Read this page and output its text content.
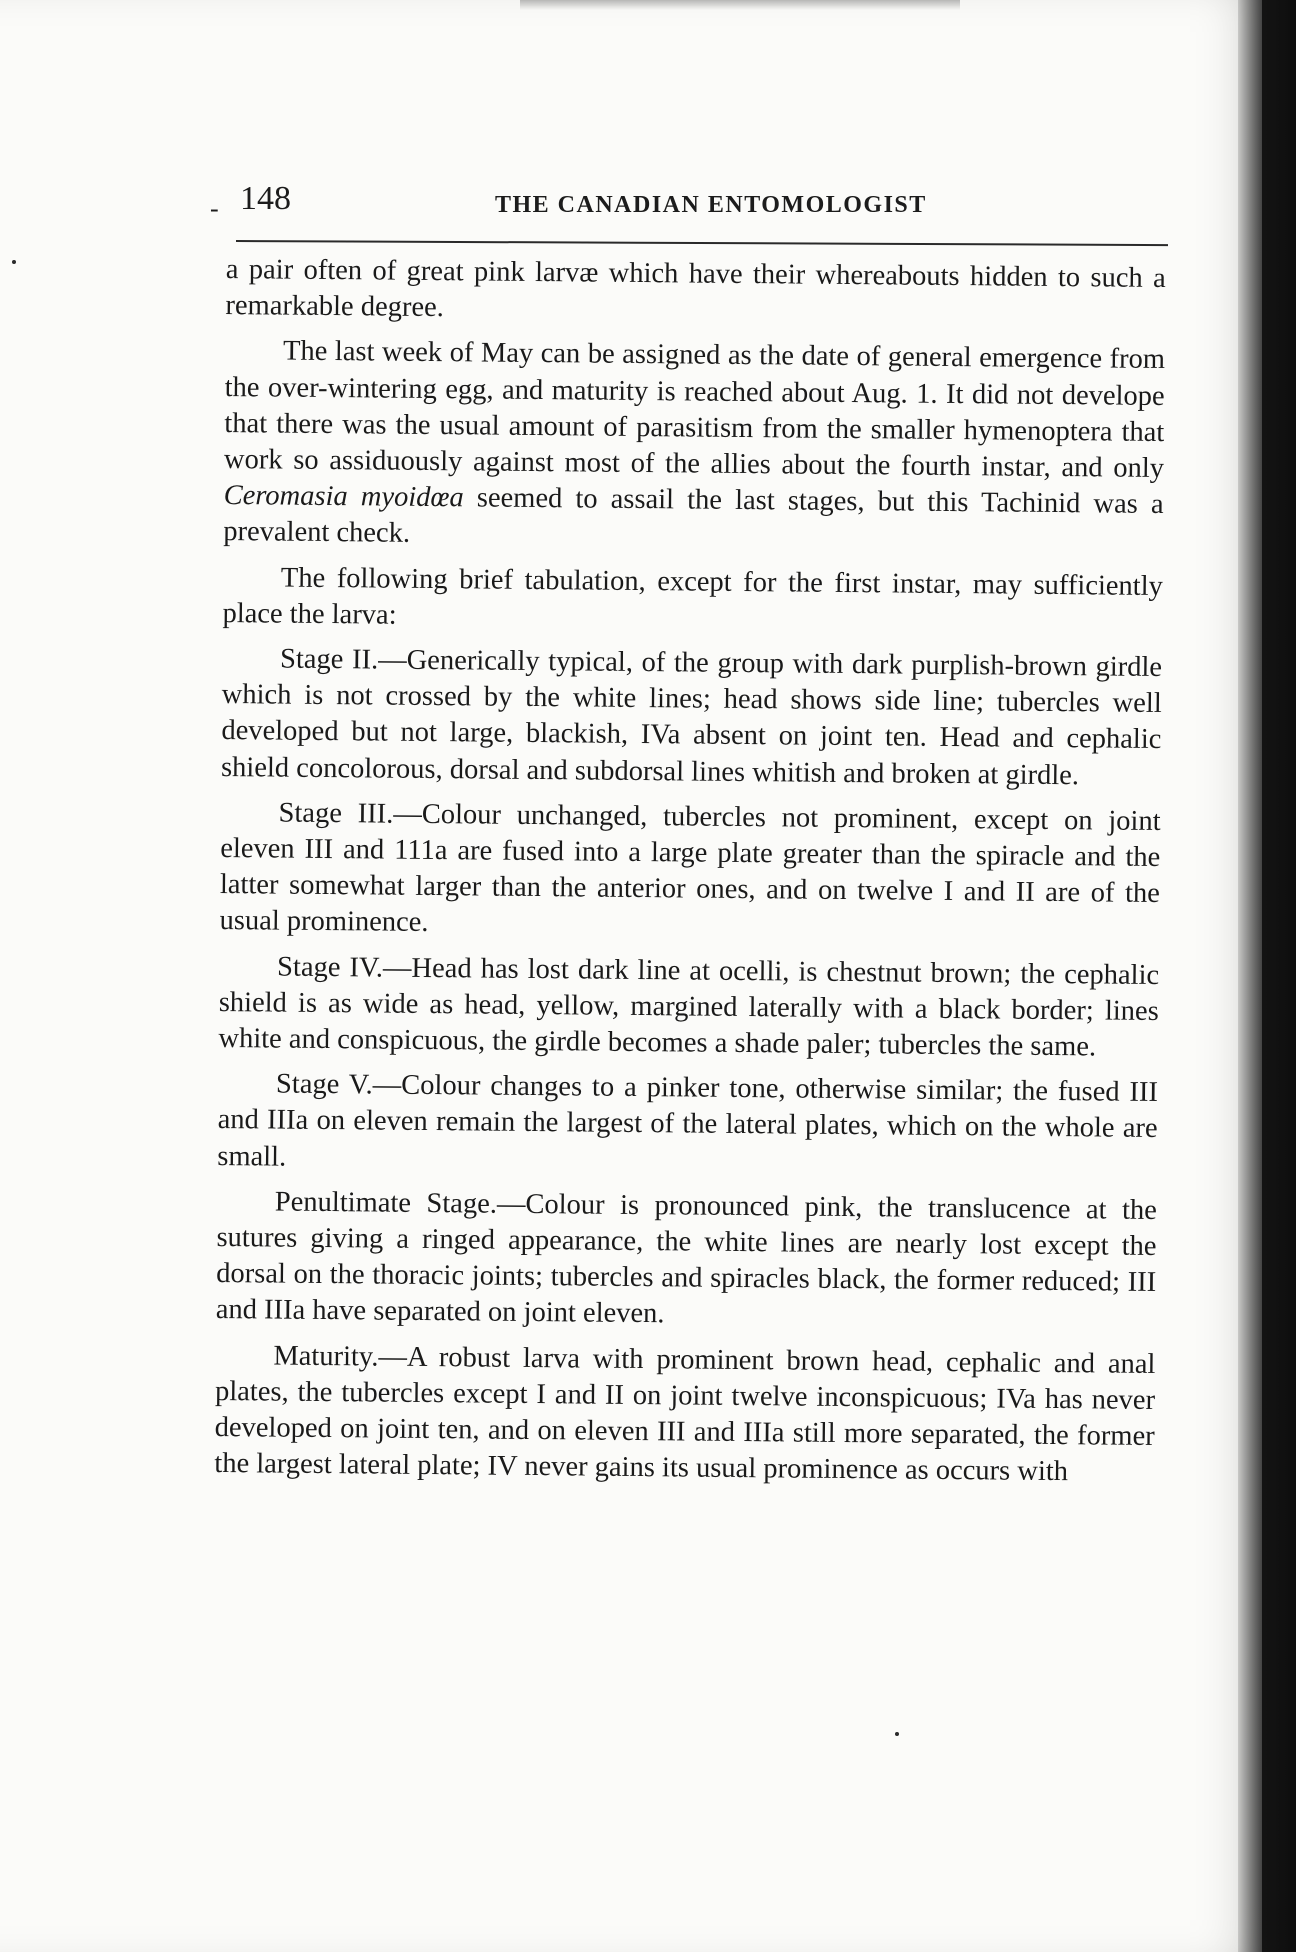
- 148	THE CANADIAN ENTOMOLOGIST

a pair often of great pink larvæ which have their whereabouts hidden to such a remarkable degree.

The last week of May can be assigned as the date of general emergence from the over-wintering egg, and maturity is reached about Aug. 1. It did not develope that there was the usual amount of parasitism from the smaller hymenoptera that work so assiduously against most of the allies about the fourth instar, and only Ceromasia myoidœa seemed to assail the last stages, but this Tachinid was a prevalent check.

The following brief tabulation, except for the first instar, may sufficiently place the larva:

Stage II.—Generically typical, of the group with dark purplish-brown girdle which is not crossed by the white lines; head shows side line; tubercles well developed but not large, blackish, IVa absent on joint ten. Head and cephalic shield concolorous, dorsal and subdorsal lines whitish and broken at girdle.

Stage III.—Colour unchanged, tubercles not prominent, except on joint eleven III and 111a are fused into a large plate greater than the spiracle and the latter somewhat larger than the anterior ones, and on twelve I and II are of the usual prominence.

Stage IV.—Head has lost dark line at ocelli, is chestnut brown; the cephalic shield is as wide as head, yellow, margined laterally with a black border; lines white and conspicuous, the girdle becomes a shade paler; tubercles the same.

Stage V.—Colour changes to a pinker tone, otherwise similar; the fused III and IIIa on eleven remain the largest of the lateral plates, which on the whole are small.

Penultimate Stage.—Colour is pronounced pink, the translucence at the sutures giving a ringed appearance, the white lines are nearly lost except the dorsal on the thoracic joints; tubercles and spiracles black, the former reduced; III and IIIa have separated on joint eleven.

Maturity.—A robust larva with prominent brown head, cephalic and anal plates, the tubercles except I and II on joint twelve inconspicuous; IVa has never developed on joint ten, and on eleven III and IIIa still more separated, the former the largest lateral plate; IV never gains its usual prominence as occurs with
